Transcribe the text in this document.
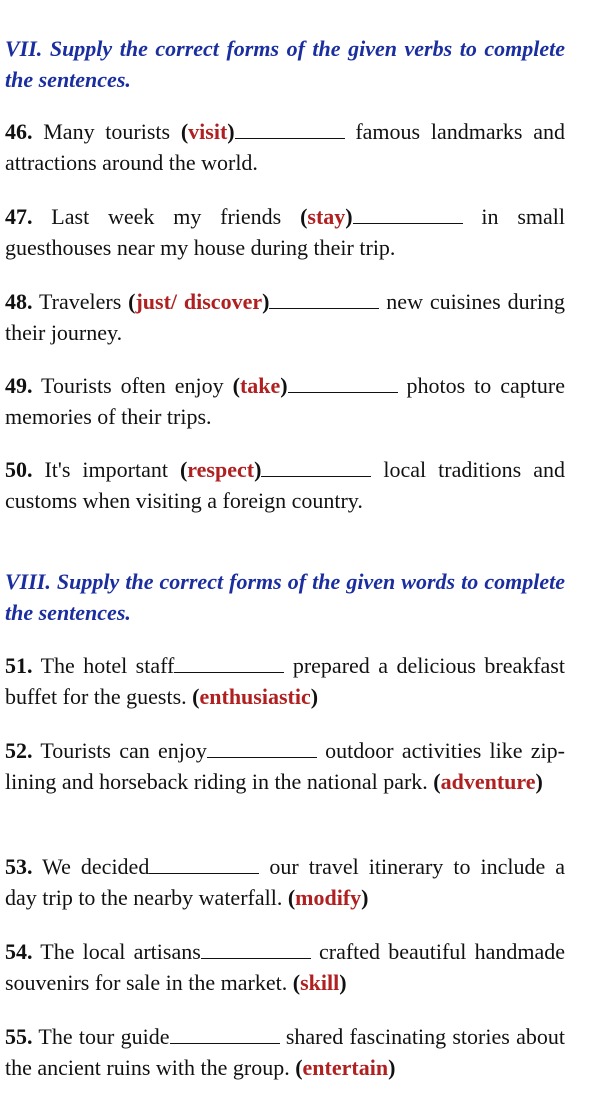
VII. Supply the correct forms of the given verbs to complete the sentences.

46. Many tourists (visit)	famous landmarks and attractions around the world.

47. Last week my friends (stay)	in small guesthouses near my house during their trip.

48. Travelers (just/ discover)	new cuisines during their journey.

49. Tourists often enjoy (take)	photos to capture memories of their trips.

50. It's important (respect)	local traditions and customs when visiting a foreign country.

VIII. Supply the correct forms of the given words to complete the sentences.

51. The hotel staff	prepared a delicious breakfast buffet for the guests. (enthusiastic)

52. Tourists can enjoy	outdoor activities like zip-lining and horseback riding in the national park. (adventure)

53. We decided	our travel itinerary to include a day trip to the nearby waterfall. (modify)

54. The local artisans	crafted beautiful handmade souvenirs for sale in the market. (skill)

55. The tour guide	shared fascinating stories about the ancient ruins with the group. (entertain)
